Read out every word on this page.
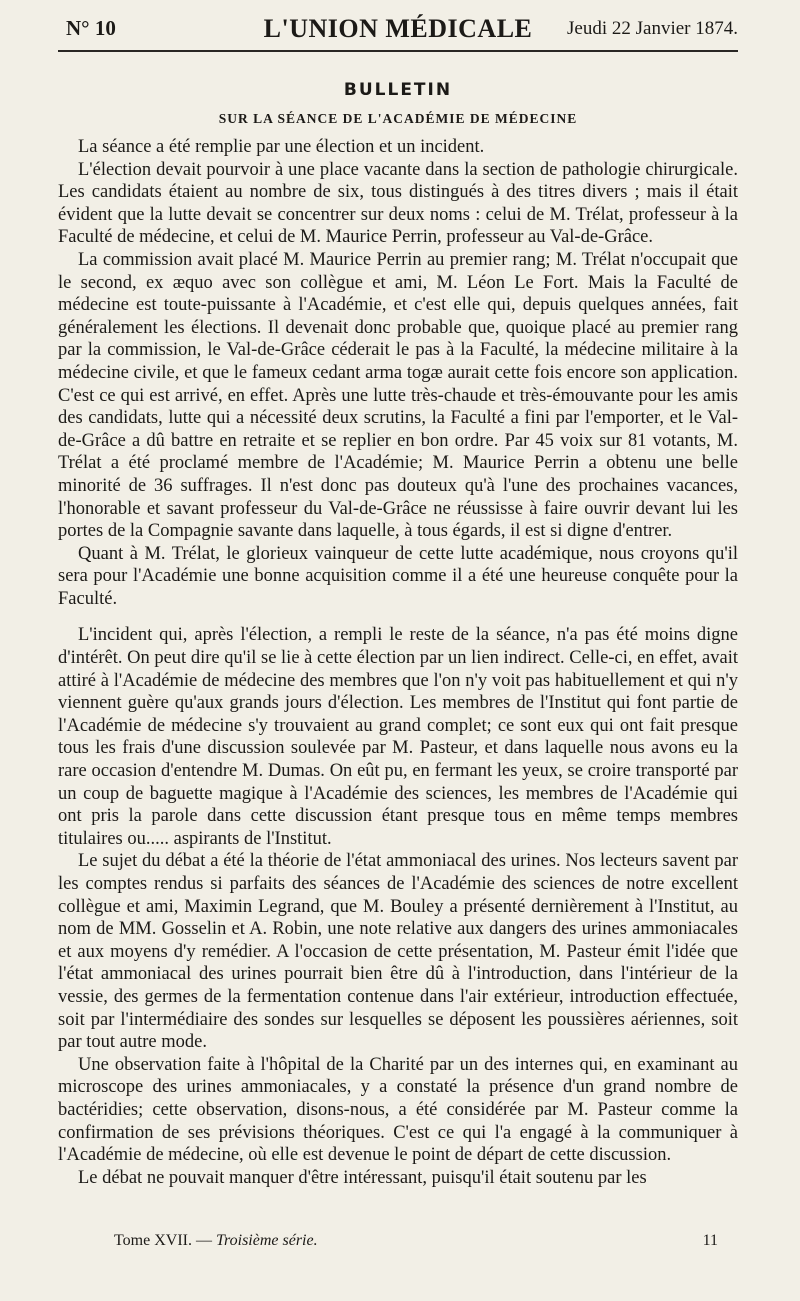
N° 10	L'UNION MÉDICALE	Jeudi 22 Janvier 1874.
BULLETIN
SUR LA SÉANCE DE L'ACADÉMIE DE MÉDECINE

La séance a été remplie par une élection et un incident.

L'élection devait pourvoir à une place vacante dans la section de pathologie chirurgicale. Les candidats étaient au nombre de six, tous distingués à des titres divers ; mais il était évident que la lutte devait se concentrer sur deux noms : celui de M. Trélat, professeur à la Faculté de médecine, et celui de M. Maurice Perrin, professeur au Val-de-Grâce.

La commission avait placé M. Maurice Perrin au premier rang; M. Trélat n'occupait que le second, ex æquo avec son collègue et ami, M. Léon Le Fort. Mais la Faculté de médecine est toute-puissante à l'Académie, et c'est elle qui, depuis quelques années, fait généralement les élections. Il devenait donc probable que, quoique placé au premier rang par la commission, le Val-de-Grâce céderait le pas à la Faculté, la médecine militaire à la médecine civile, et que le fameux cedant arma togæ aurait cette fois encore son application. C'est ce qui est arrivé, en effet. Après une lutte très-chaude et très-émouvante pour les amis des candidats, lutte qui a nécessité deux scrutins, la Faculté a fini par l'emporter, et le Val-de-Grâce a dû battre en retraite et se replier en bon ordre. Par 45 voix sur 81 votants, M. Trélat a été proclamé membre de l'Académie; M. Maurice Perrin a obtenu une belle minorité de 36 suffrages. Il n'est donc pas douteux qu'à l'une des prochaines vacances, l'honorable et savant professeur du Val-de-Grâce ne réussisse à faire ouvrir devant lui les portes de la Compagnie savante dans laquelle, à tous égards, il est si digne d'entrer.

Quant à M. Trélat, le glorieux vainqueur de cette lutte académique, nous croyons qu'il sera pour l'Académie une bonne acquisition comme il a été une heureuse conquête pour la Faculté.

L'incident qui, après l'élection, a rempli le reste de la séance, n'a pas été moins digne d'intérêt. On peut dire qu'il se lie à cette élection par un lien indirect. Celle-ci, en effet, avait attiré à l'Académie de médecine des membres que l'on n'y voit pas habituellement et qui n'y viennent guère qu'aux grands jours d'élection. Les membres de l'Institut qui font partie de l'Académie de médecine s'y trouvaient au grand complet; ce sont eux qui ont fait presque tous les frais d'une discussion soulevée par M. Pasteur, et dans laquelle nous avons eu la rare occasion d'entendre M. Dumas. On eût pu, en fermant les yeux, se croire transporté par un coup de baguette magique à l'Académie des sciences, les membres de l'Académie qui ont pris la parole dans cette discussion étant presque tous en même temps membres titulaires ou..... aspirants de l'Institut.

Le sujet du débat a été la théorie de l'état ammoniacal des urines. Nos lecteurs savent par les comptes rendus si parfaits des séances de l'Académie des sciences de notre excellent collègue et ami, Maximin Legrand, que M. Bouley a présenté dernièrement à l'Institut, au nom de MM. Gosselin et A. Robin, une note relative aux dangers des urines ammoniacales et aux moyens d'y remédier. A l'occasion de cette présentation, M. Pasteur émit l'idée que l'état ammoniacal des urines pourrait bien être dû à l'introduction, dans l'intérieur de la vessie, des germes de la fermentation contenue dans l'air extérieur, introduction effectuée, soit par l'intermédiaire des sondes sur lesquelles se déposent les poussières aériennes, soit par tout autre mode.

Une observation faite à l'hôpital de la Charité par un des internes qui, en examinant au microscope des urines ammoniacales, y a constaté la présence d'un grand nombre de bactéridies; cette observation, disons-nous, a été considérée par M. Pasteur comme la confirmation de ses prévisions théoriques. C'est ce qui l'a engagé à la communiquer à l'Académie de médecine, où elle est devenue le point de départ de cette discussion.

Le débat ne pouvait manquer d'être intéressant, puisqu'il était soutenu par les

Tome XVII. — Troisième série.	11
